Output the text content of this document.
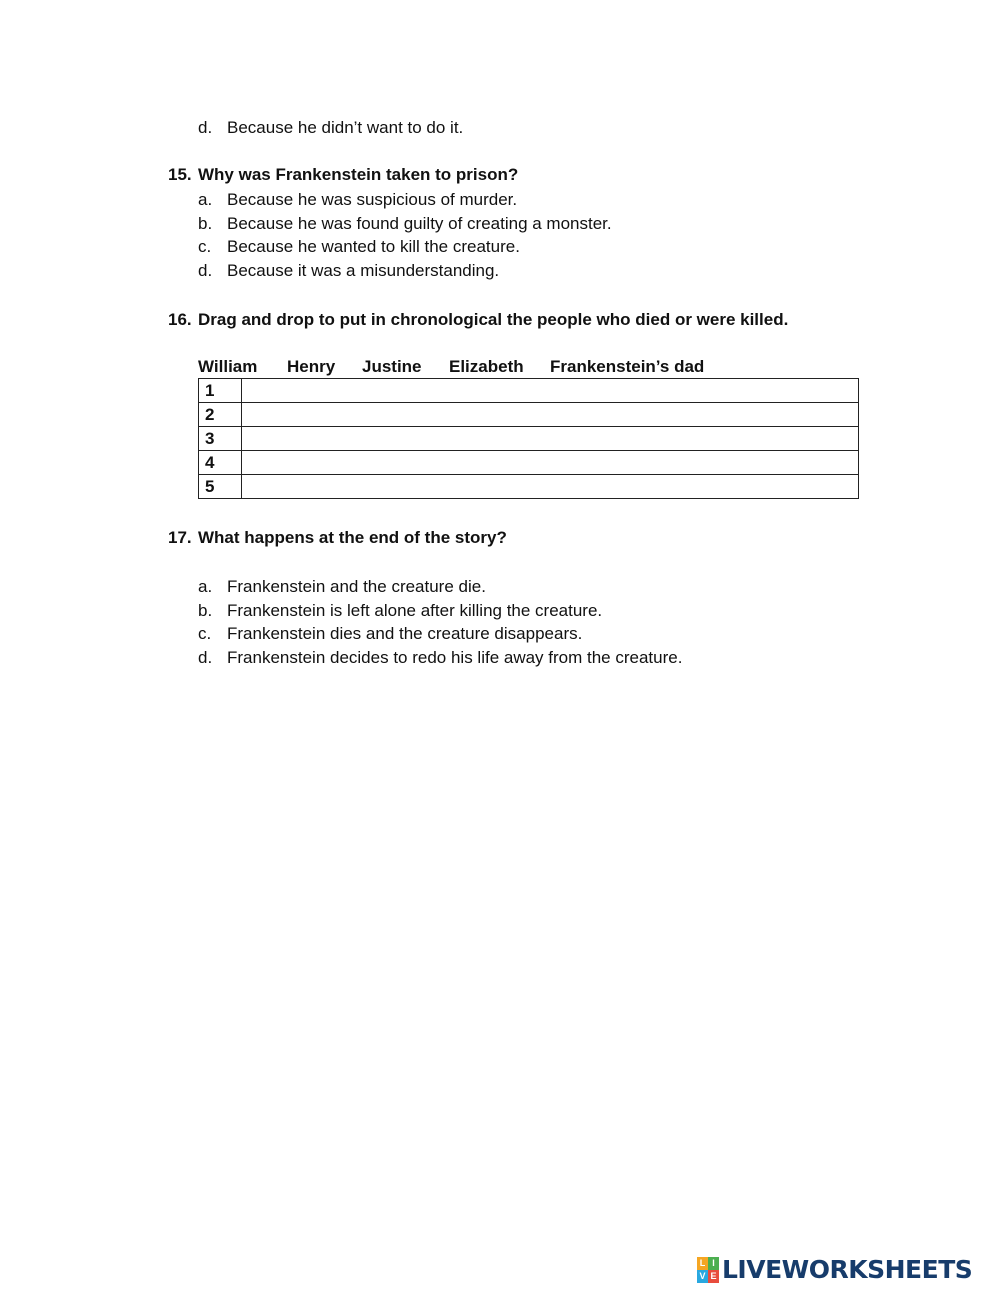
d. Because he didn’t want to do it.
15. Why was Frankenstein taken to prison?
a. Because he was suspicious of murder.
b. Because he was found guilty of creating a monster.
c. Because he wanted to kill the creature.
d. Because it was a misunderstanding.
16. Drag and drop to put in chronological the people who died or were killed.
William Henry Justine Elizabeth Frankenstein’s dad
1	
2	
3	
4	
5	
17. What happens at the end of the story?
a. Frankenstein and the creature die.
b. Frankenstein is left alone after killing the creature.
c. Frankenstein dies and the creature disappears.
d. Frankenstein decides to redo his life away from the creature.
L I
V E LIVEWORKSHEETS
